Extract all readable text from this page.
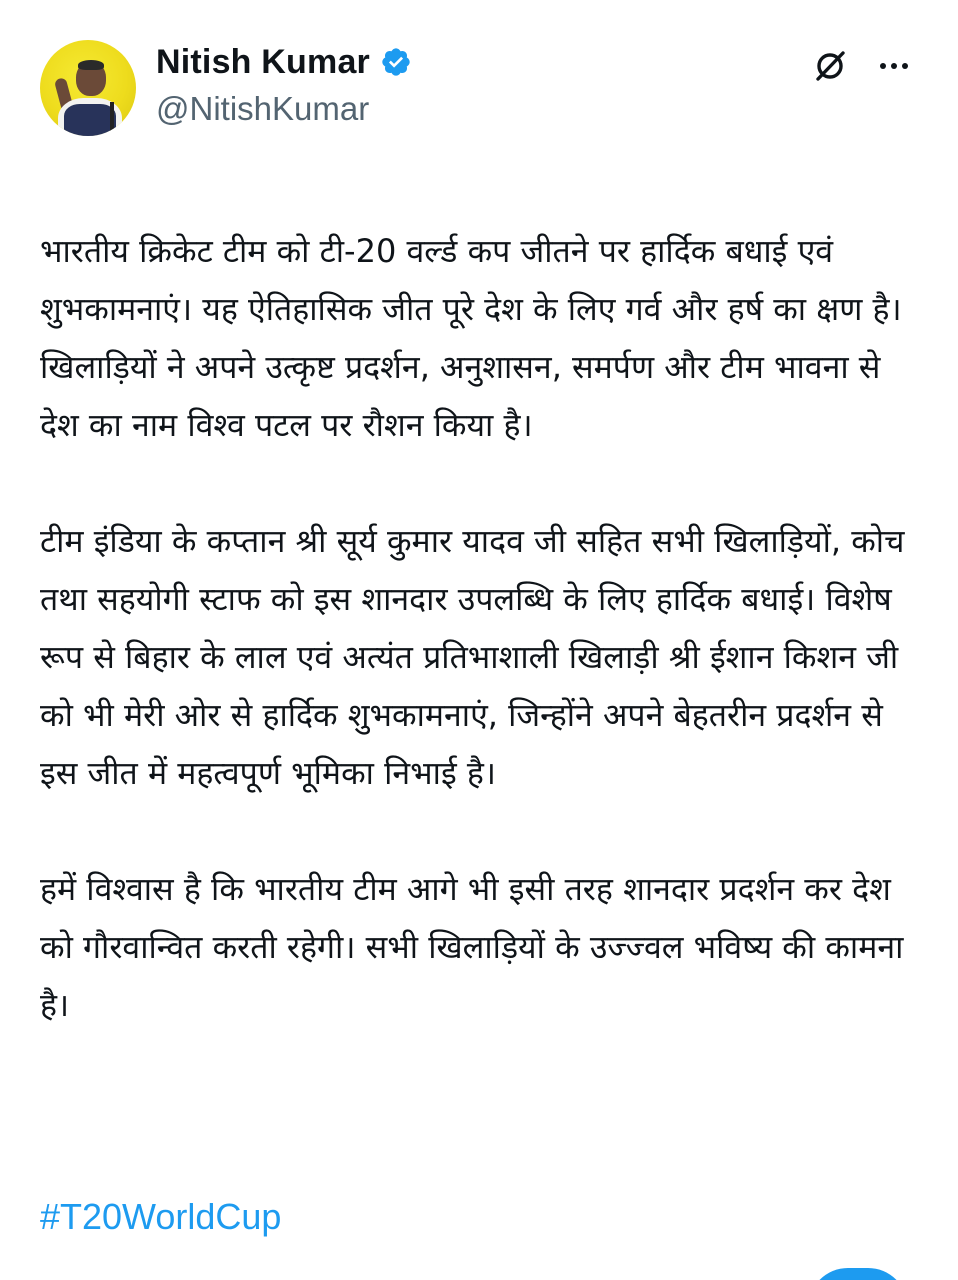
Nitish Kumar
@NitishKumar

भारतीय क्रिकेट टीम को टी-20 वर्ल्ड कप जीतने पर हार्दिक बधाई एवं शुभकामनाएं। यह ऐतिहासिक जीत पूरे देश के लिए गर्व और हर्ष का क्षण है। खिलाड़ियों ने अपने उत्कृष्ट प्रदर्शन, अनुशासन, समर्पण और टीम भावना से देश का नाम विश्व पटल पर रौशन किया है।

टीम इंडिया के कप्तान श्री सूर्य कुमार यादव जी सहित सभी खिलाड़ियों, कोच तथा सहयोगी स्टाफ को इस शानदार उपलब्धि के लिए हार्दिक बधाई। विशेष रूप से बिहार के लाल एवं अत्यंत प्रतिभाशाली खिलाड़ी श्री ईशान किशन जी को भी मेरी ओर से हार्दिक शुभकामनाएं, जिन्होंने अपने बेहतरीन प्रदर्शन से इस जीत में महत्वपूर्ण भूमिका निभाई है।

हमें विश्वास है कि भारतीय टीम आगे भी इसी तरह शानदार प्रदर्शन कर देश को गौरवान्वित करती रहेगी। सभी खिलाड़ियों के उज्ज्वल भविष्य की कामना है।

#T20WorldCup
